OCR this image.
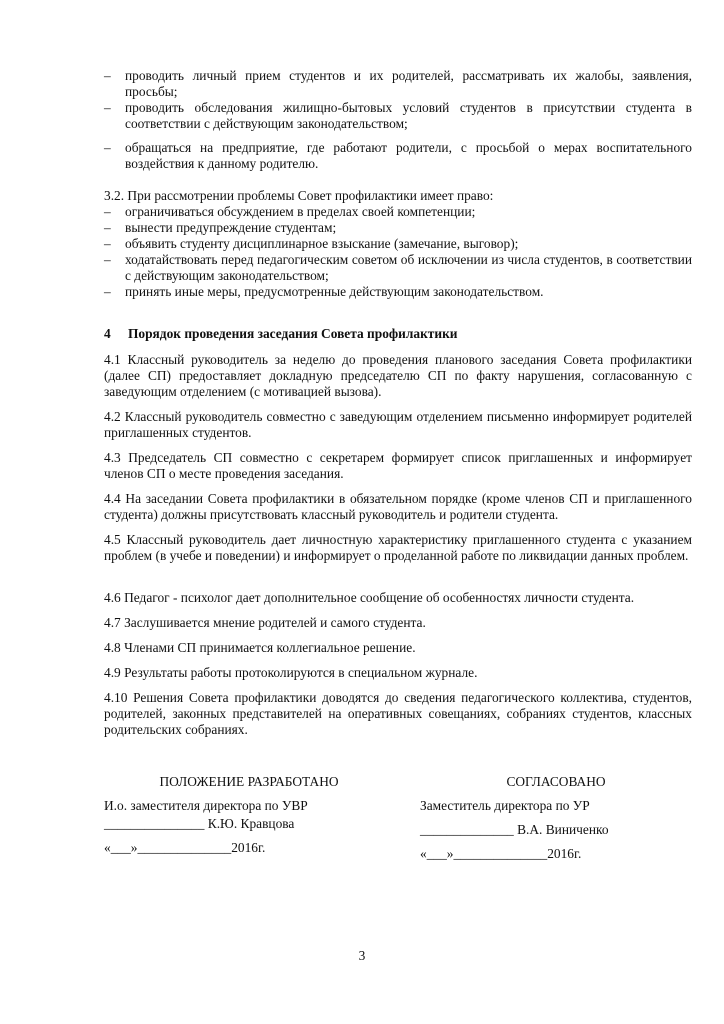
– проводить личный прием студентов и их родителей, рассматривать их жалобы, заявления, просьбы;
– проводить обследования жилищно-бытовых условий студентов в присутствии студента в соответствии с действующим законодательством;
– обращаться на предприятие, где работают родители, с просьбой о мерах воспитательного воздействия к данному родителю.
3.2. При рассмотрении проблемы Совет профилактики имеет право:
– ограничиваться обсуждением в пределах своей компетенции;
– вынести предупреждение студентам;
– объявить студенту дисциплинарное взыскание (замечание, выговор);
– ходатайствовать перед педагогическим советом об исключении из числа студентов, в соответствии с действующим законодательством;
– принять иные меры, предусмотренные действующим законодательством.
4 Порядок проведения заседания Совета профилактики
4.1 Классный руководитель за неделю до проведения планового заседания Совета профилактики (далее СП) предоставляет докладную председателю СП по факту нарушения, согласованную с заведующим отделением (с мотивацией вызова).
4.2 Классный руководитель совместно с заведующим отделением письменно информирует родителей приглашенных студентов.
4.3 Председатель СП совместно с секретарем формирует список приглашенных и информирует членов СП о месте проведения заседания.
4.4 На заседании Совета профилактики в обязательном порядке (кроме членов СП и приглашенного студента) должны присутствовать классный руководитель и родители студента.
4.5 Классный руководитель дает личностную характеристику приглашенного студента с указанием проблем (в учебе и поведении) и информирует о проделанной работе по ликвидации данных проблем.
4.6 Педагог - психолог дает дополнительное сообщение об особенностях личности студента.
4.7 Заслушивается мнение родителей и самого студента.
4.8 Членами СП принимается коллегиальное решение.
4.9 Результаты работы протоколируются в специальном журнале.
4.10 Решения Совета профилактики доводятся до сведения педагогического коллектива, студентов, родителей, законных представителей на оперативных совещаниях, собраниях студентов, классных родительских собраниях.
ПОЛОЖЕНИЕ РАЗРАБОТАНО
И.о. заместителя директора по УВР
_______________ К.Ю. Кравцова
«___»______________2016г.
СОГЛАСОВАНО
Заместитель директора по УР
______________ В.А. Виниченко
«___»______________2016г.
3
